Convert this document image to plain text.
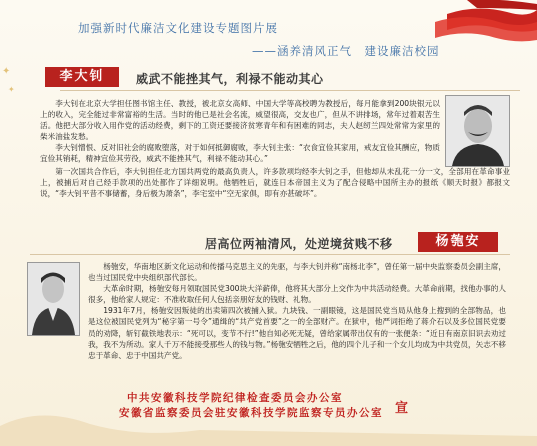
✦
✦
加强新时代廉洁文化建设专题图片展
——涵养清风正气　建设廉洁校园
李大钊	威武不能挫其气，利禄不能动其心

李大钊在北京大学担任图书馆主任、教授，被北京女高师、中国大学等高校聘为教授后，每月能拿到200块银元以上的收入，完全能过非常富裕的生活。当时的他已是社会名流，威望很高，交友也广，但从不讲排场，常年过着艰苦生活。他把大部分收入用作党的活动经费，剩下的工资还要接济贫寒青年和有困难的同志，夫人赵纫兰四处常常为家里的柴米油盐发愁。

李大钊憎恨、反对旧社会的腐败堕落，对于如何抵御腐败，李大钊主张：“衣食宜俭其家用，戒友宜俭其酬应，物质宜俭其销耗，精神宜俭其劳役，威武不能挫其气，利禄不能动其心。”

第一次国共合作后，李大钊担任北方国共两党的最高负责人，许多款项均经李大钊之手，但他却从未乱花一分一文，全部用在革命事业上，被捕后对自己经手款项的出处都作了详细说明。他牺牲后，就连日本帝国主义为了配合侵略中国所主办的报纸《顺天时报》都报文说，“李大钊平昔不事储蓄，身后极为萧条”，李宅室中“空无家俱，即有亦甚破坏”。

居高位两袖清风，处逆境贫贱不移	杨匏安

杨匏安，华南地区新文化运动和传播马克思主义的先驱，与李大钊并称“南杨北李”，曾任第一届中央监察委员会副主席，也当过国民党中央组织部代部长。

大革命时期，杨匏安每月领取国民党300块大洋薪俸，他将其大部分上交作为中共活动经费。大革命前期，找他办事的人很多，他给家人规定：不准收取任何人包括亲朋好友的钱财、礼物。

1931年7月，杨匏安因叛徒的出卖第四次被捕入狱。九块钱、一副眼镜，这是国民党当局从他身上搜到的全部物品，也是这位被国民党列为“秘字第一号令”通缉的“共产党首要”之一的全部财产。在狱中，他严词拒绝了蒋介石以及多位国民党要员的劝降，斩钉截铁地表示：“死可以，变节不行!”他自知必死无疑，曾给家属带出仅有的一张便条：“近日有南京旧识去劝过我，我不为所动。家人千万不能接受那些人的钱与物。”杨匏安牺牲之后，他的四个儿子和一个女儿均成为中共党员，矢志不移忠于革命、忠于中国共产党。

中共安徽科技学院纪律检查委员会办公室
安徽省监察委员会驻安徽科技学院监察专员办公室 宣
